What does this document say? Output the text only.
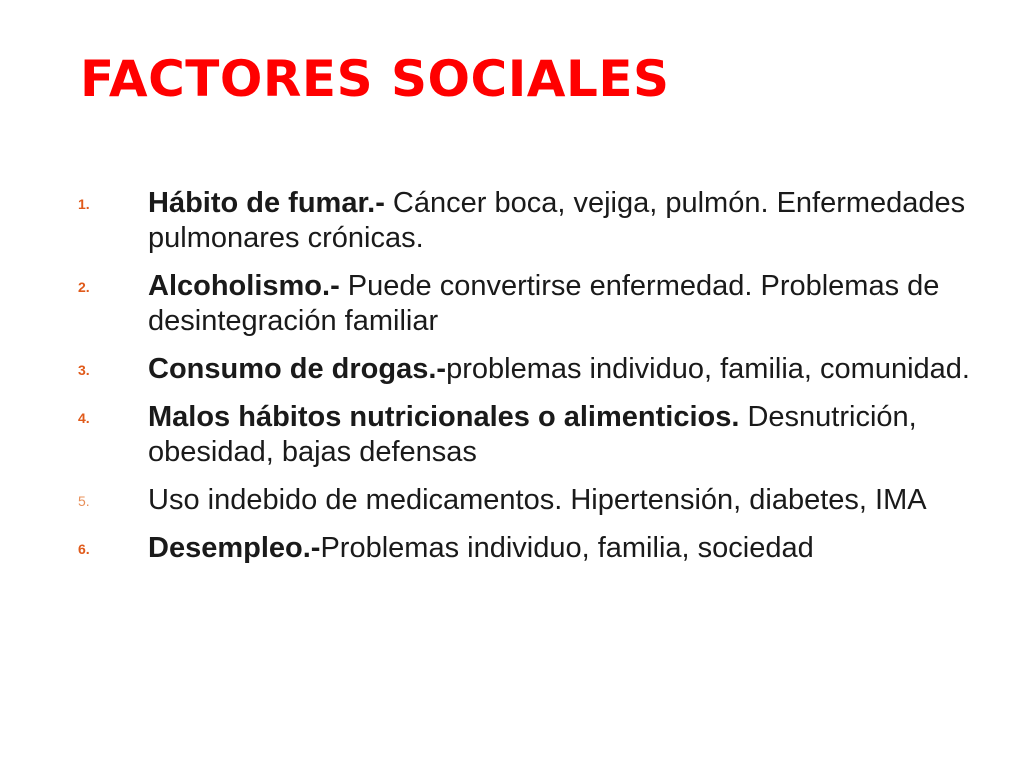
FACTORES SOCIALES
1. Hábito de fumar.- Cáncer boca, vejiga, pulmón. Enfermedades pulmonares crónicas.
2. Alcoholismo.- Puede convertirse enfermedad. Problemas de desintegración familiar
3. Consumo de drogas.-problemas individuo, familia, comunidad.
4. Malos hábitos nutricionales o alimenticios. Desnutrición, obesidad, bajas defensas
5. Uso indebido de medicamentos. Hipertensión, diabetes, IMA
6. Desempleo.-Problemas individuo, familia, sociedad
